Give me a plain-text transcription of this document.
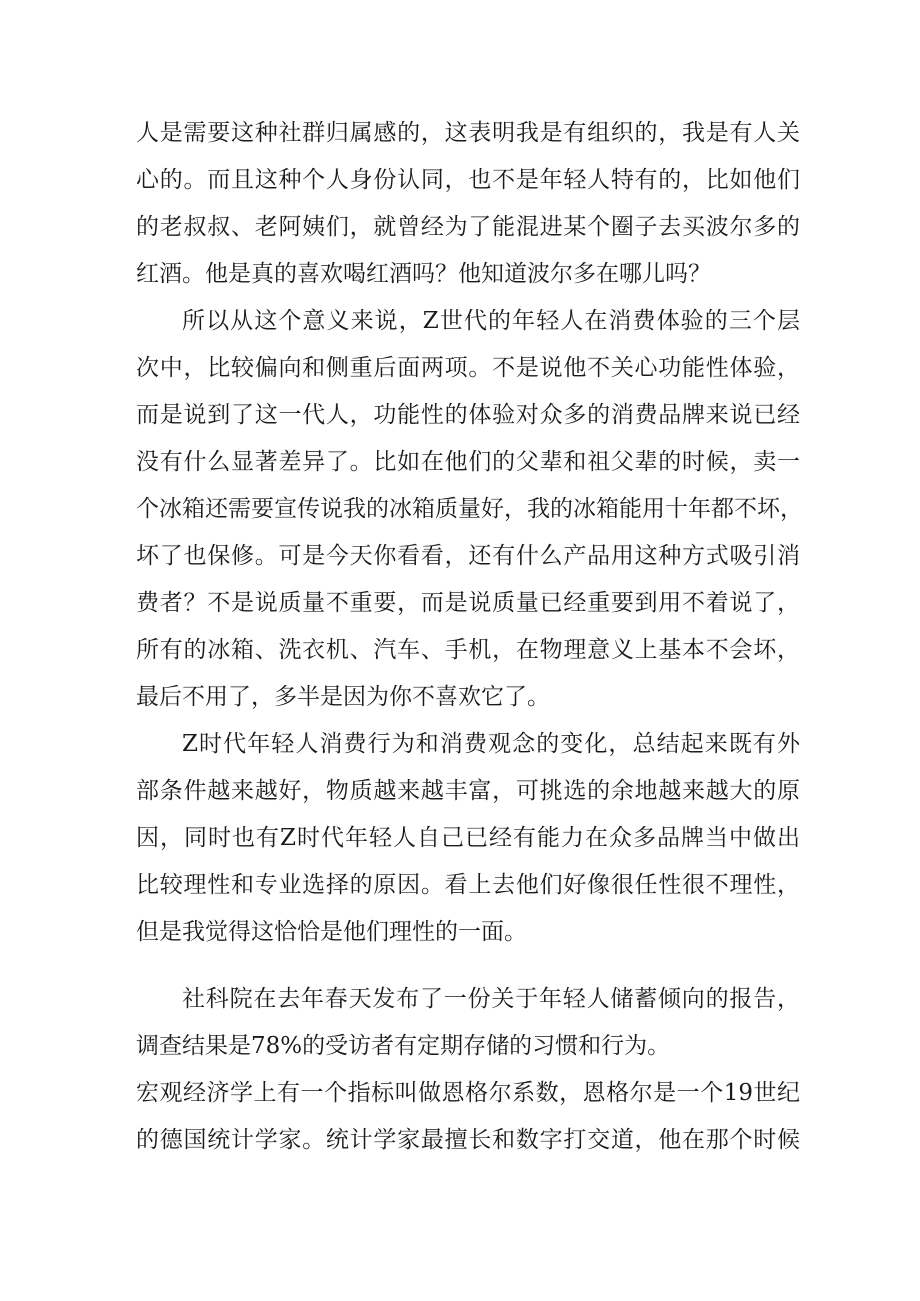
人是需要这种社群归属感的，这表明我是有组织的，我是有人关

心的。而且这种个人身份认同，也不是年轻人特有的，比如他们

的老叔叔、老阿姨们，就曾经为了能混进某个圈子去买波尔多的

红酒。他是真的喜欢喝红酒吗？他知道波尔多在哪儿吗？

所以从这个意义来说，Z世代的年轻人在消费体验的三个层

次中，比较偏向和侧重后面两项。不是说他不关心功能性体验，

而是说到了这一代人，功能性的体验对众多的消费品牌来说已经

没有什么显著差异了。比如在他们的父辈和祖父辈的时候，卖一

个冰箱还需要宣传说我的冰箱质量好，我的冰箱能用十年都不坏，

坏了也保修。可是今天你看看，还有什么产品用这种方式吸引消

费者？不是说质量不重要，而是说质量已经重要到用不着说了，

所有的冰箱、洗衣机、汽车、手机，在物理意义上基本不会坏，

最后不用了，多半是因为你不喜欢它了。

Z时代年轻人消费行为和消费观念的变化，总结起来既有外

部条件越来越好，物质越来越丰富，可挑选的余地越来越大的原

因，同时也有Z时代年轻人自己已经有能力在众多品牌当中做出

比较理性和专业选择的原因。看上去他们好像很任性很不理性，

但是我觉得这恰恰是他们理性的一面。

社科院在去年春天发布了一份关于年轻人储蓄倾向的报告，

调查结果是78%的受访者有定期存储的习惯和行为。

宏观经济学上有一个指标叫做恩格尔系数，恩格尔是一个19世纪

的德国统计学家。统计学家最擅长和数字打交道，他在那个时候
